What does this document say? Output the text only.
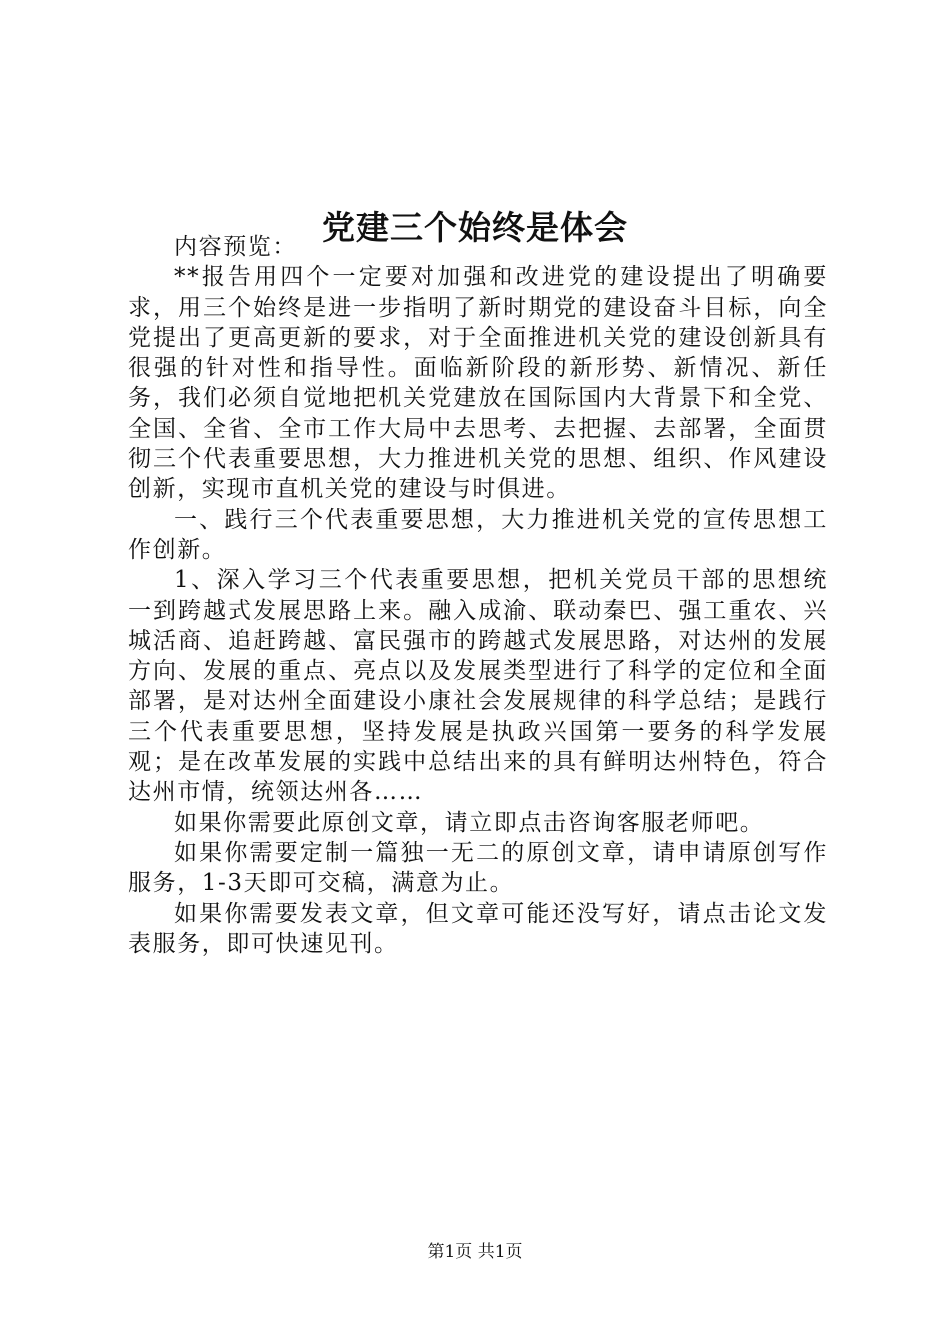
党建三个始终是体会

内容预览：

**报告用四个一定要对加强和改进党的建设提出了明确要求，用三个始终是进一步指明了新时期党的建设奋斗目标，向全党提出了更高更新的要求，对于全面推进机关党的建设创新具有很强的针对性和指导性。面临新阶段的新形势、新情况、新任务，我们必须自觉地把机关党建放在国际国内大背景下和全党、全国、全省、全市工作大局中去思考、去把握、去部署，全面贯彻三个代表重要思想，大力推进机关党的思想、组织、作风建设创新，实现市直机关党的建设与时俱进。

一、践行三个代表重要思想，大力推进机关党的宣传思想工作创新。

1、深入学习三个代表重要思想，把机关党员干部的思想统一到跨越式发展思路上来。融入成渝、联动秦巴、强工重农、兴城活商、追赶跨越、富民强市的跨越式发展思路，对达州的发展方向、发展的重点、亮点以及发展类型进行了科学的定位和全面部署，是对达州全面建设小康社会发展规律的科学总结；是践行三个代表重要思想，坚持发展是执政兴国第一要务的科学发展观；是在改革发展的实践中总结出来的具有鲜明达州特色，符合达州市情，统领达州各……

如果你需要此原创文章，请立即点击咨询客服老师吧。

如果你需要定制一篇独一无二的原创文章，请申请原创写作服务，1-3天即可交稿，满意为止。

如果你需要发表文章，但文章可能还没写好，请点击论文发表服务，即可快速见刊。

第1页 共1页
